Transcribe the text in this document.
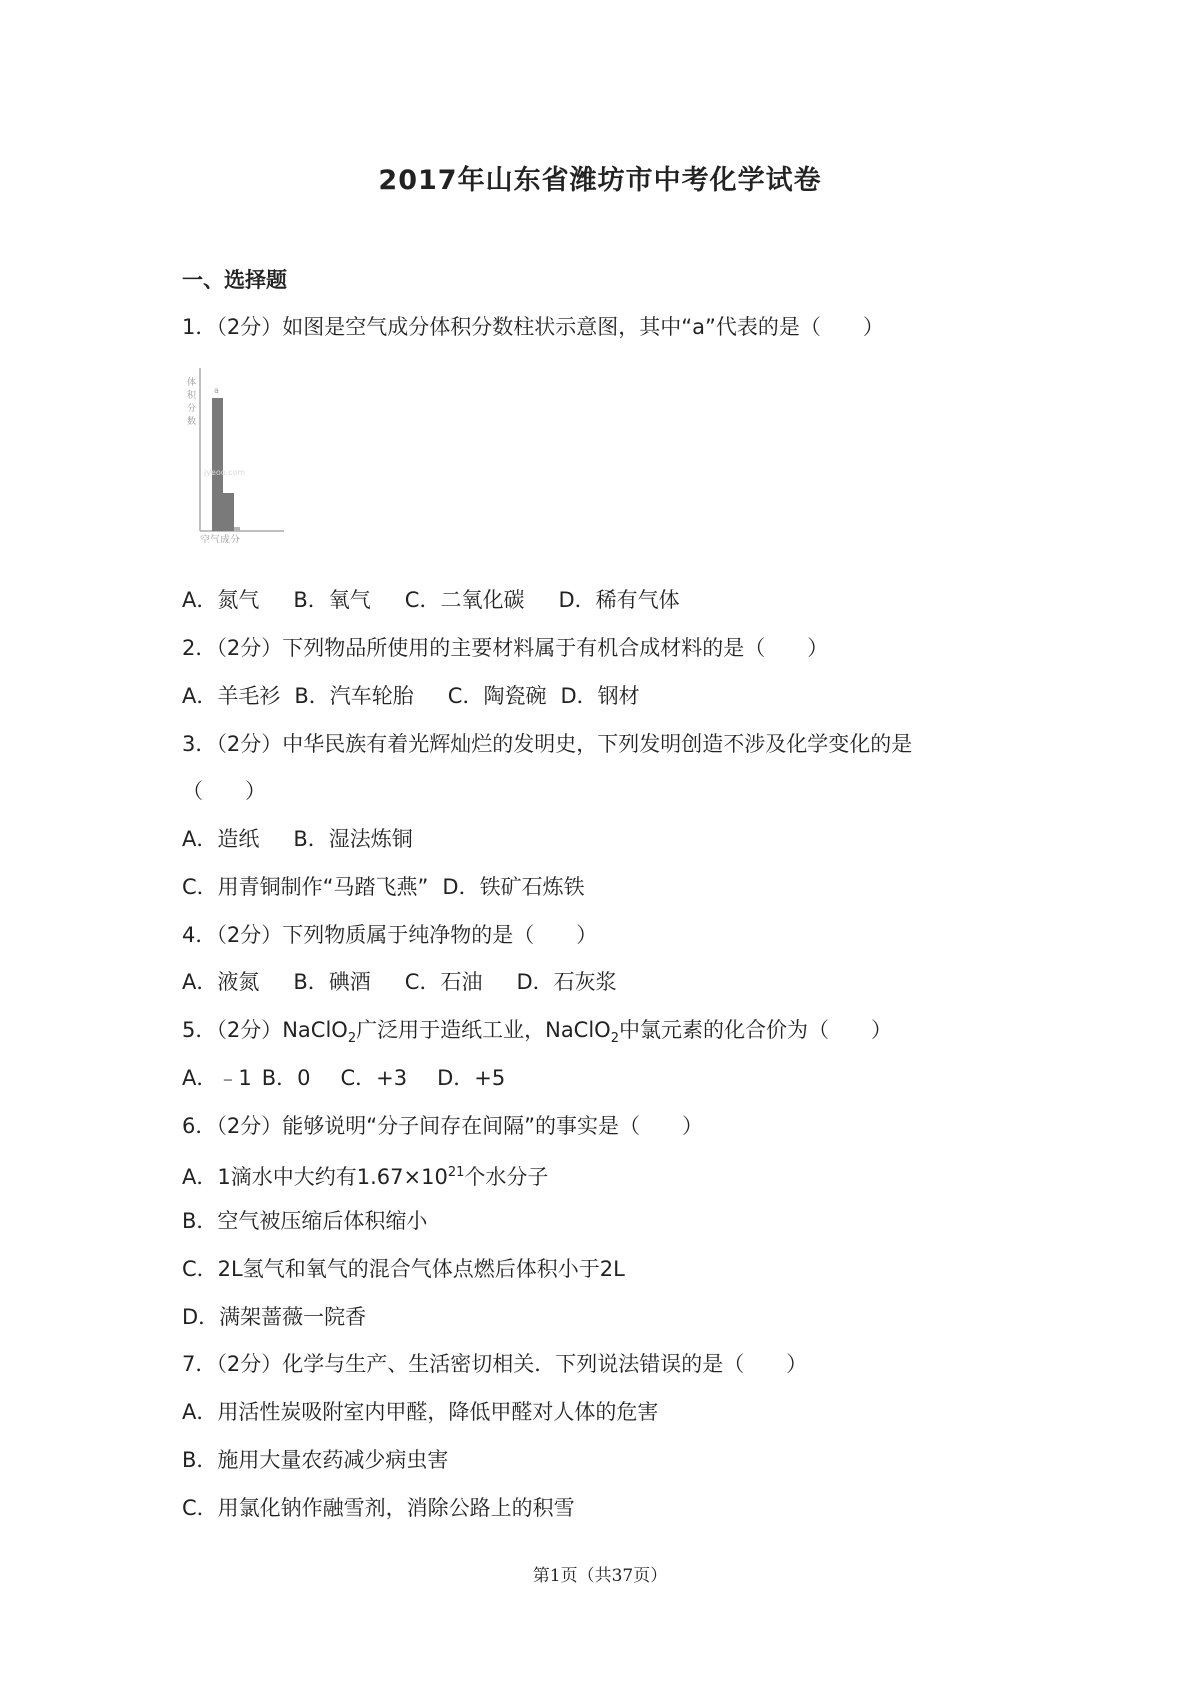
2017年山东省潍坊市中考化学试卷
一、选择题
1．（2分）如图是空气成分体积分数柱状示意图，其中“a”代表的是（　　）
体积分数
a
jyeoo.com
空气成分
A．氮气 B．氧气 C．二氧化碳 D．稀有气体
2．（2分）下列物品所使用的主要材料属于有机合成材料的是（　　）
A．羊毛衫 B．汽车轮胎 C．陶瓷碗 D．钢材
3．（2分）中华民族有着光辉灿烂的发明史，下列发明创造不涉及化学变化的是
（　　）
A．造纸 B．湿法炼铜
C．用青铜制作“马踏飞燕” D．铁矿石炼铁
4．（2分）下列物质属于纯净物的是（　　）
A．液氮 B．碘酒 C．石油 D．石灰浆
5．（2分）NaClO$_2$广泛用于造纸工业，NaClO$_2$中氯元素的化合价为（　　）
A．﹣1 B．0 C．+3 D．+5
6．（2分）能够说明“分子间存在间隔”的事实是（　　）
A．1滴水中大约有$1.67\times 10^{21}$个水分子
B．空气被压缩后体积缩小
C．2L氢气和氧气的混合气体点燃后体积小于2L
D．满架蔷薇一院香
7．（2分）化学与生产、生活密切相关．下列说法错误的是（　　）
A．用活性炭吸附室内甲醛，降低甲醛对人体的危害
B．施用大量农药减少病虫害
C．用氯化钠作融雪剂，消除公路上的积雪
第1页（共37页）
